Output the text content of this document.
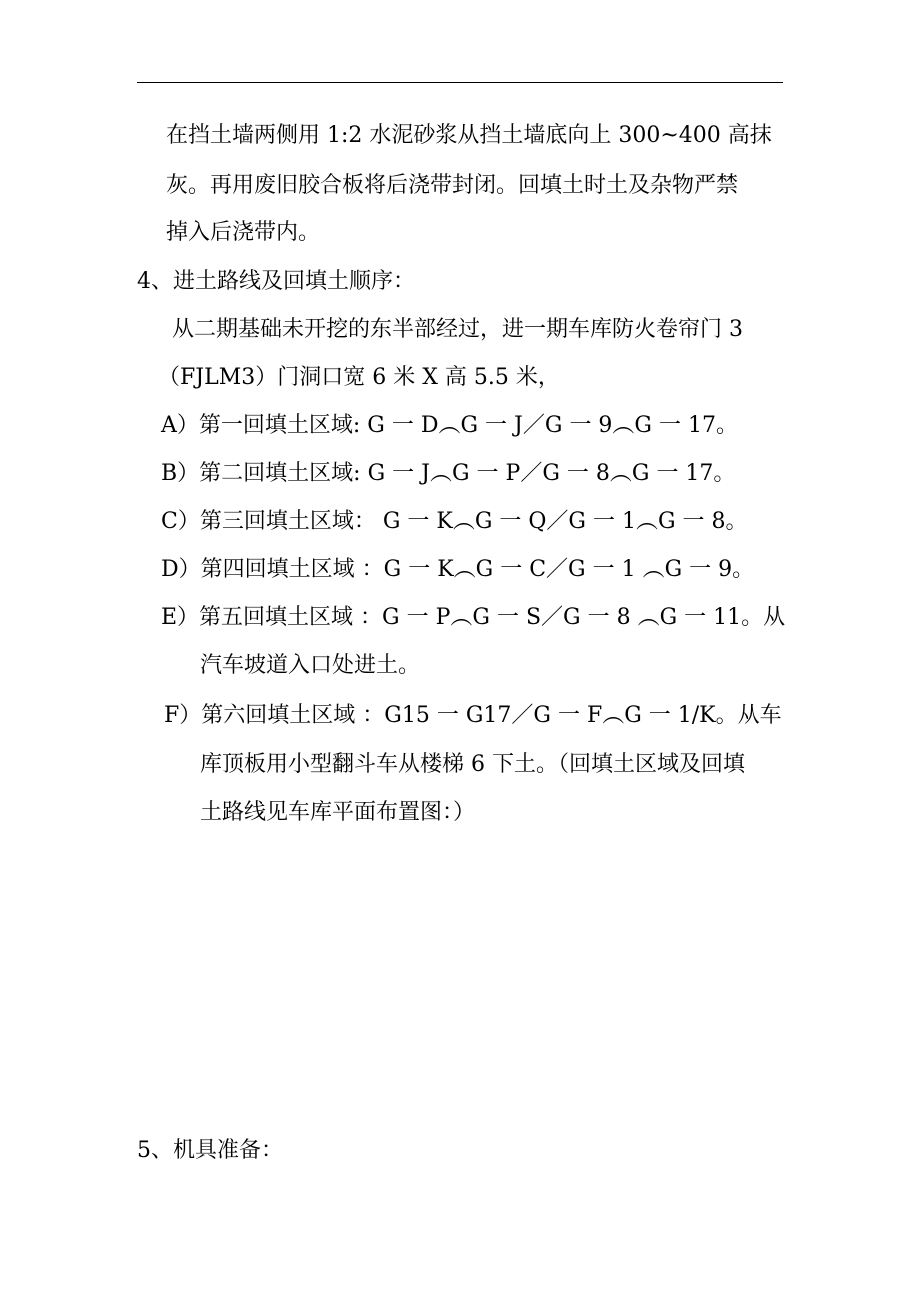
在挡土墙两侧用 1:2 水泥砂浆从挡土墙底向上 300~400 高抹
灰。再用废旧胶合板将后浇带封闭。回填土时土及杂物严禁
掉入后浇带内。
4、进土路线及回填土顺序：
从二期基础未开挖的东半部经过，进一期车库防火卷帘门 3
（FJLM3）门洞口宽 6 米 X 高 5.5 米，
A）第一回填土区域: G 一 D︵G 一 J／G 一 9︵G 一 17。
B）第二回填土区域: G 一 J︵G 一 P／G 一 8︵G 一 17。
C）第三回填土区域： G 一 K︵G 一 Q／G 一 1︵G 一 8。
D）第四回填土区域 ：G 一 K︵G 一 C／G 一 1 ︵G 一 9。
E）第五回填土区域 ：G 一 P︵G 一 S／G 一 8 ︵G 一 11。从
汽车坡道入口处进土。
F）第六回填土区域 ：G15 一 G17／G 一 F︵G 一 1/K。从车
库顶板用小型翻斗车从楼梯 6 下土。（回填土区域及回填
土路线见车库平面布置图：）
5、机具准备：
